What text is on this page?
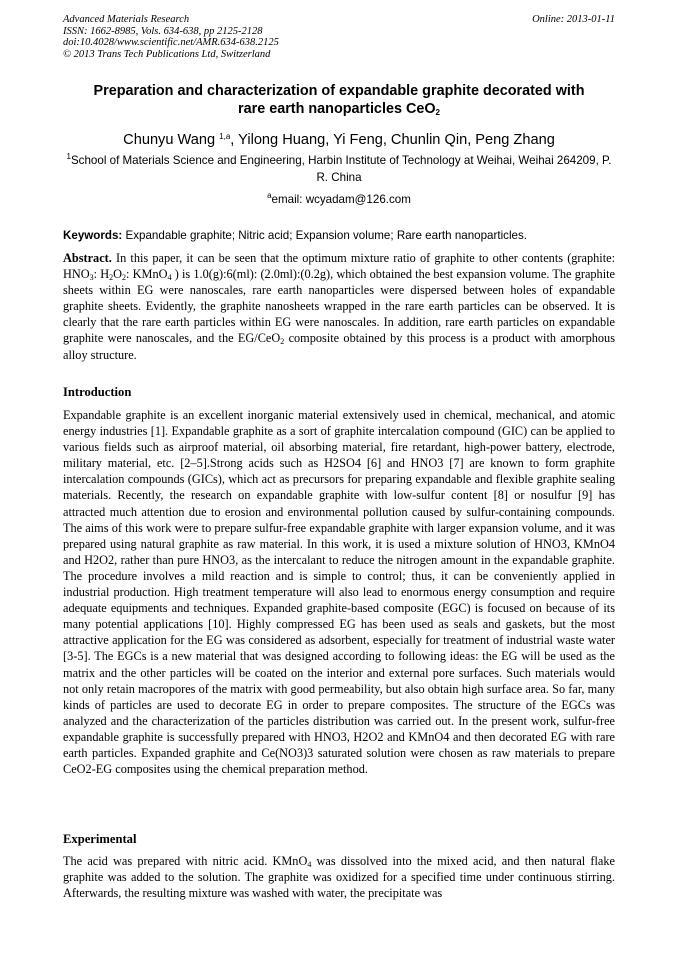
Advanced Materials Research
ISSN: 1662-8985, Vols. 634-638, pp 2125-2128
doi:10.4028/www.scientific.net/AMR.634-638.2125
© 2013 Trans Tech Publications Ltd, Switzerland
Online: 2013-01-11
Preparation and characterization of expandable graphite decorated with
rare earth nanoparticles CeO$_2$
Chunyu Wang $^{1,a}$, Yilong Huang, Yi Feng, Chunlin Qin, Peng Zhang
$^1$School of Materials Science and Engineering, Harbin Institute of Technology at Weihai, Weihai 264209, P. R. China
$^a$email: wcyadam@126.com
Keywords: Expandable graphite; Nitric acid; Expansion volume; Rare earth nanoparticles.
Abstract. In this paper, it can be seen that the optimum mixture ratio of graphite to other contents (graphite: $HNO_3$: $H_2O_2$: KMnO$_4$ ) is 1.0(g):6(ml): (2.0ml):(0.2g), which obtained the best expansion volume. The graphite sheets within EG were nanoscales, rare earth nanoparticles were dispersed between holes of expandable graphite sheets. Evidently, the graphite nanosheets wrapped in the rare earth particles can be observed. It is clearly that the rare earth particles within EG were nanoscales. In addition, rare earth particles on expandable graphite were nanoscales, and the EG/CeO$_2$ composite obtained by this process is a product with amorphous alloy structure.
Introduction
Expandable graphite is an excellent inorganic material extensively used in chemical, mechanical, and atomic energy industries [1]. Expandable graphite as a sort of graphite intercalation compound (GIC) can be applied to various fields such as airproof material, oil absorbing material, fire retardant, high-power battery, electrode, military material, etc. [2–5].Strong acids such as H2SO4 [6] and HNO3 [7] are known to form graphite intercalation compounds (GICs), which act as precursors for preparing expandable and flexible graphite sealing materials. Recently, the research on expandable graphite with low-sulfur content [8] or nosulfur [9] has attracted much attention due to erosion and environmental pollution caused by sulfur-containing compounds. The aims of this work were to prepare sulfur-free expandable graphite with larger expansion volume, and it was prepared using natural graphite as raw material. In this work, it is used a mixture solution of HNO3, KMnO4 and H2O2, rather than pure HNO3, as the intercalant to reduce the nitrogen amount in the expandable graphite. The procedure involves a mild reaction and is simple to control; thus, it can be conveniently applied in industrial production. High treatment temperature will also lead to enormous energy consumption and require adequate equipments and techniques. Expanded graphite-based composite (EGC) is focused on because of its many potential applications [10]. Highly compressed EG has been used as seals and gaskets, but the most attractive application for the EG was considered as adsorbent, especially for treatment of industrial waste water [3-5]. The EGCs is a new material that was designed according to following ideas: the EG will be used as the matrix and the other particles will be coated on the interior and external pore surfaces. Such materials would not only retain macropores of the matrix with good permeability, but also obtain high surface area. So far, many kinds of particles are used to decorate EG in order to prepare composites. The structure of the EGCs was analyzed and the characterization of the particles distribution was carried out. In the present work, sulfur-free expandable graphite is successfully prepared with HNO3, H2O2 and KMnO4 and then decorated EG with rare earth particles. Expanded graphite and Ce(NO3)3 saturated solution were chosen as raw materials to prepare CeO2-EG composites using the chemical preparation method.
Experimental
The acid was prepared with nitric acid. KMnO$_4$ was dissolved into the mixed acid, and then natural flake graphite was added to the solution. The graphite was oxidized for a specified time under continuous stirring. Afterwards, the resulting mixture was washed with water, the precipitate was
